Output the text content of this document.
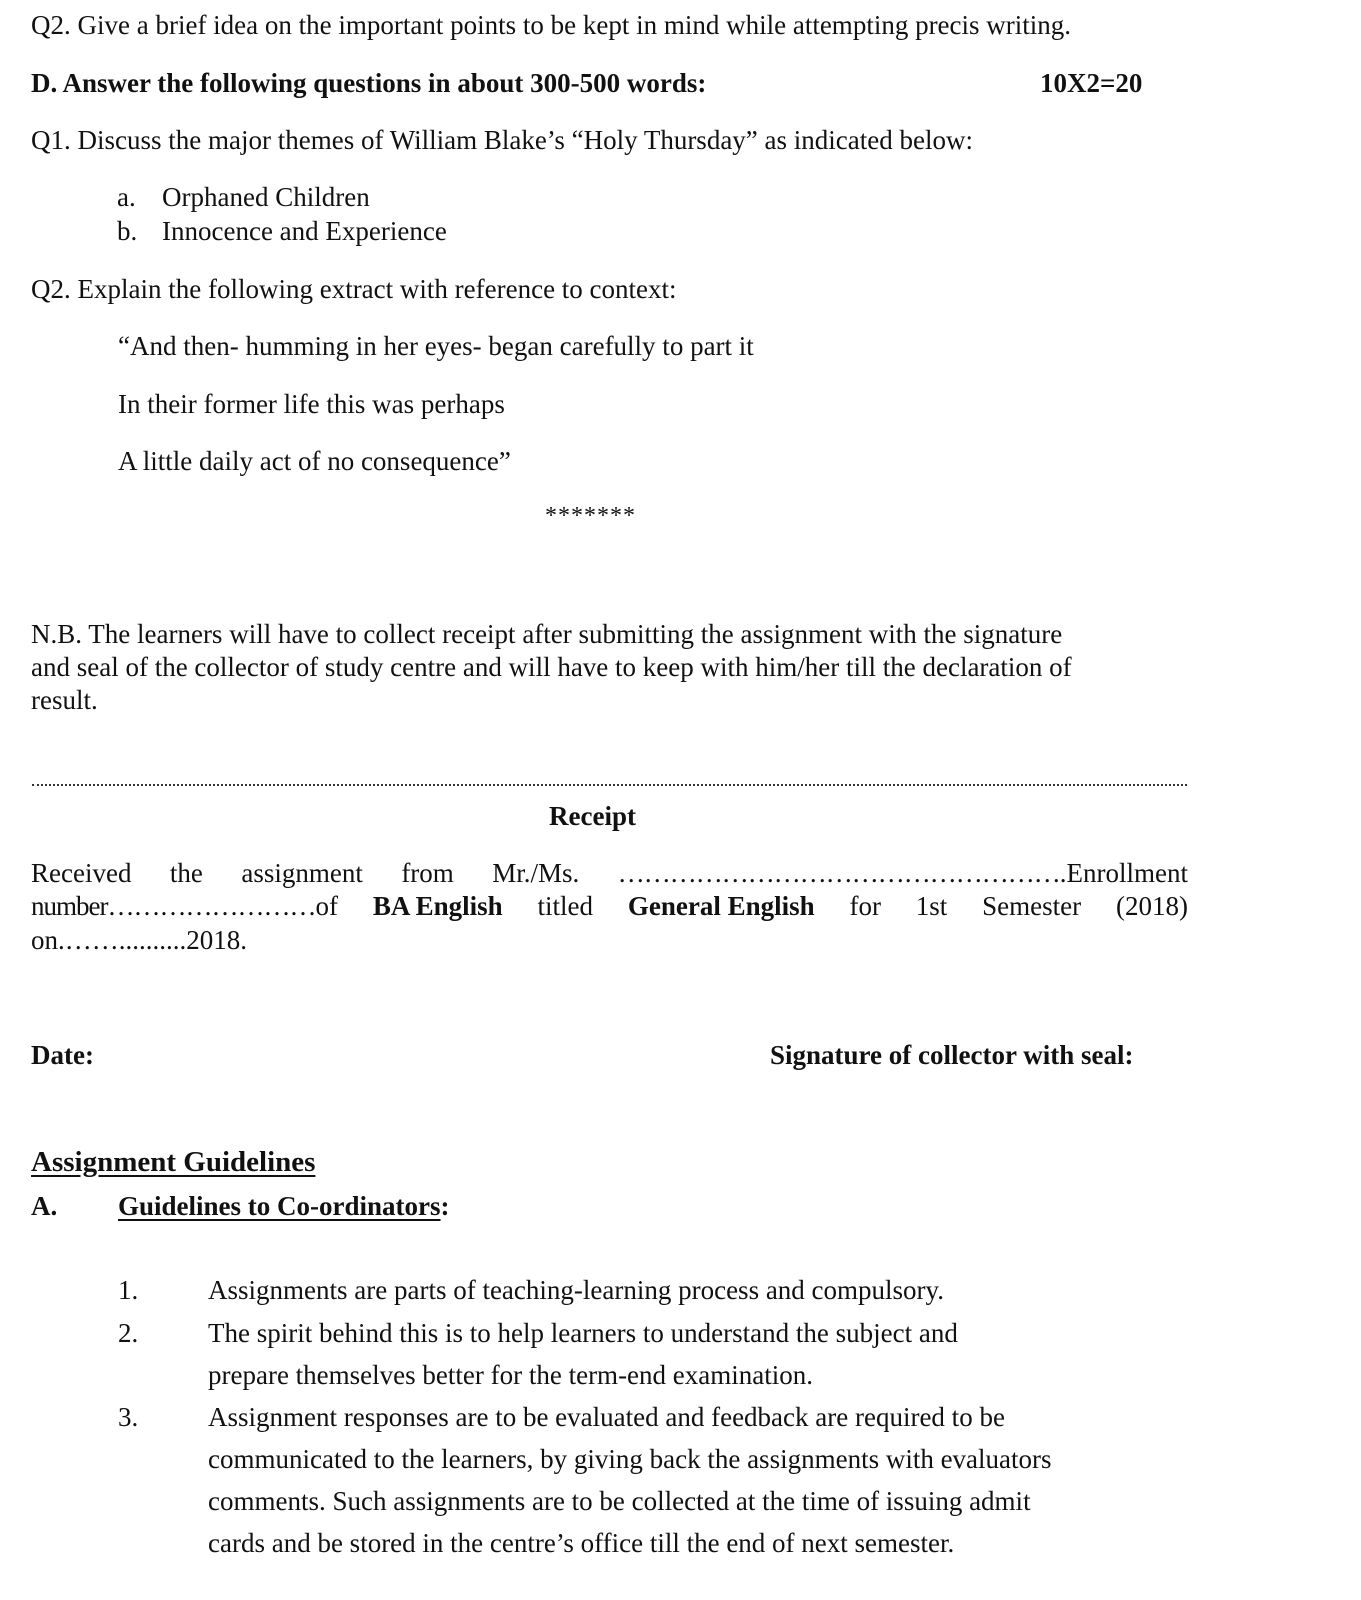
Q2. Give a brief idea on the important points to be kept in mind while attempting precis writing.
D. Answer the following questions in about 300-500 words:	10X2=20
Q1. Discuss the major themes of William Blake’s “Holy Thursday” as indicated below:
a. Orphaned Children
b. Innocence and Experience
Q2. Explain the following extract with reference to context:
“And then- humming in her eyes- began carefully to part it
In their former life this was perhaps
A little daily act of no consequence”
*******
N.B. The learners will have to collect receipt after submitting the assignment with the signature
and seal of the collector of study centre and will have to keep with him/her till the declaration of
result.
Receipt
Received the assignment from Mr./Ms. …………………………………………….Enrollment
number……………………of BA English titled General English for 1st Semester (2018)
on.……..........2018.
Date:	Signature of collector with seal:
Assignment Guidelines
A. Guidelines to Co-ordinators:
1.	Assignments are parts of teaching-learning process and compulsory.
2.	The spirit behind this is to help learners to understand the subject and
prepare themselves better for the term-end examination.
3.	Assignment responses are to be evaluated and feedback are required to be
communicated to the learners, by giving back the assignments with evaluators
comments. Such assignments are to be collected at the time of issuing admit
cards and be stored in the centre’s office till the end of next semester.
